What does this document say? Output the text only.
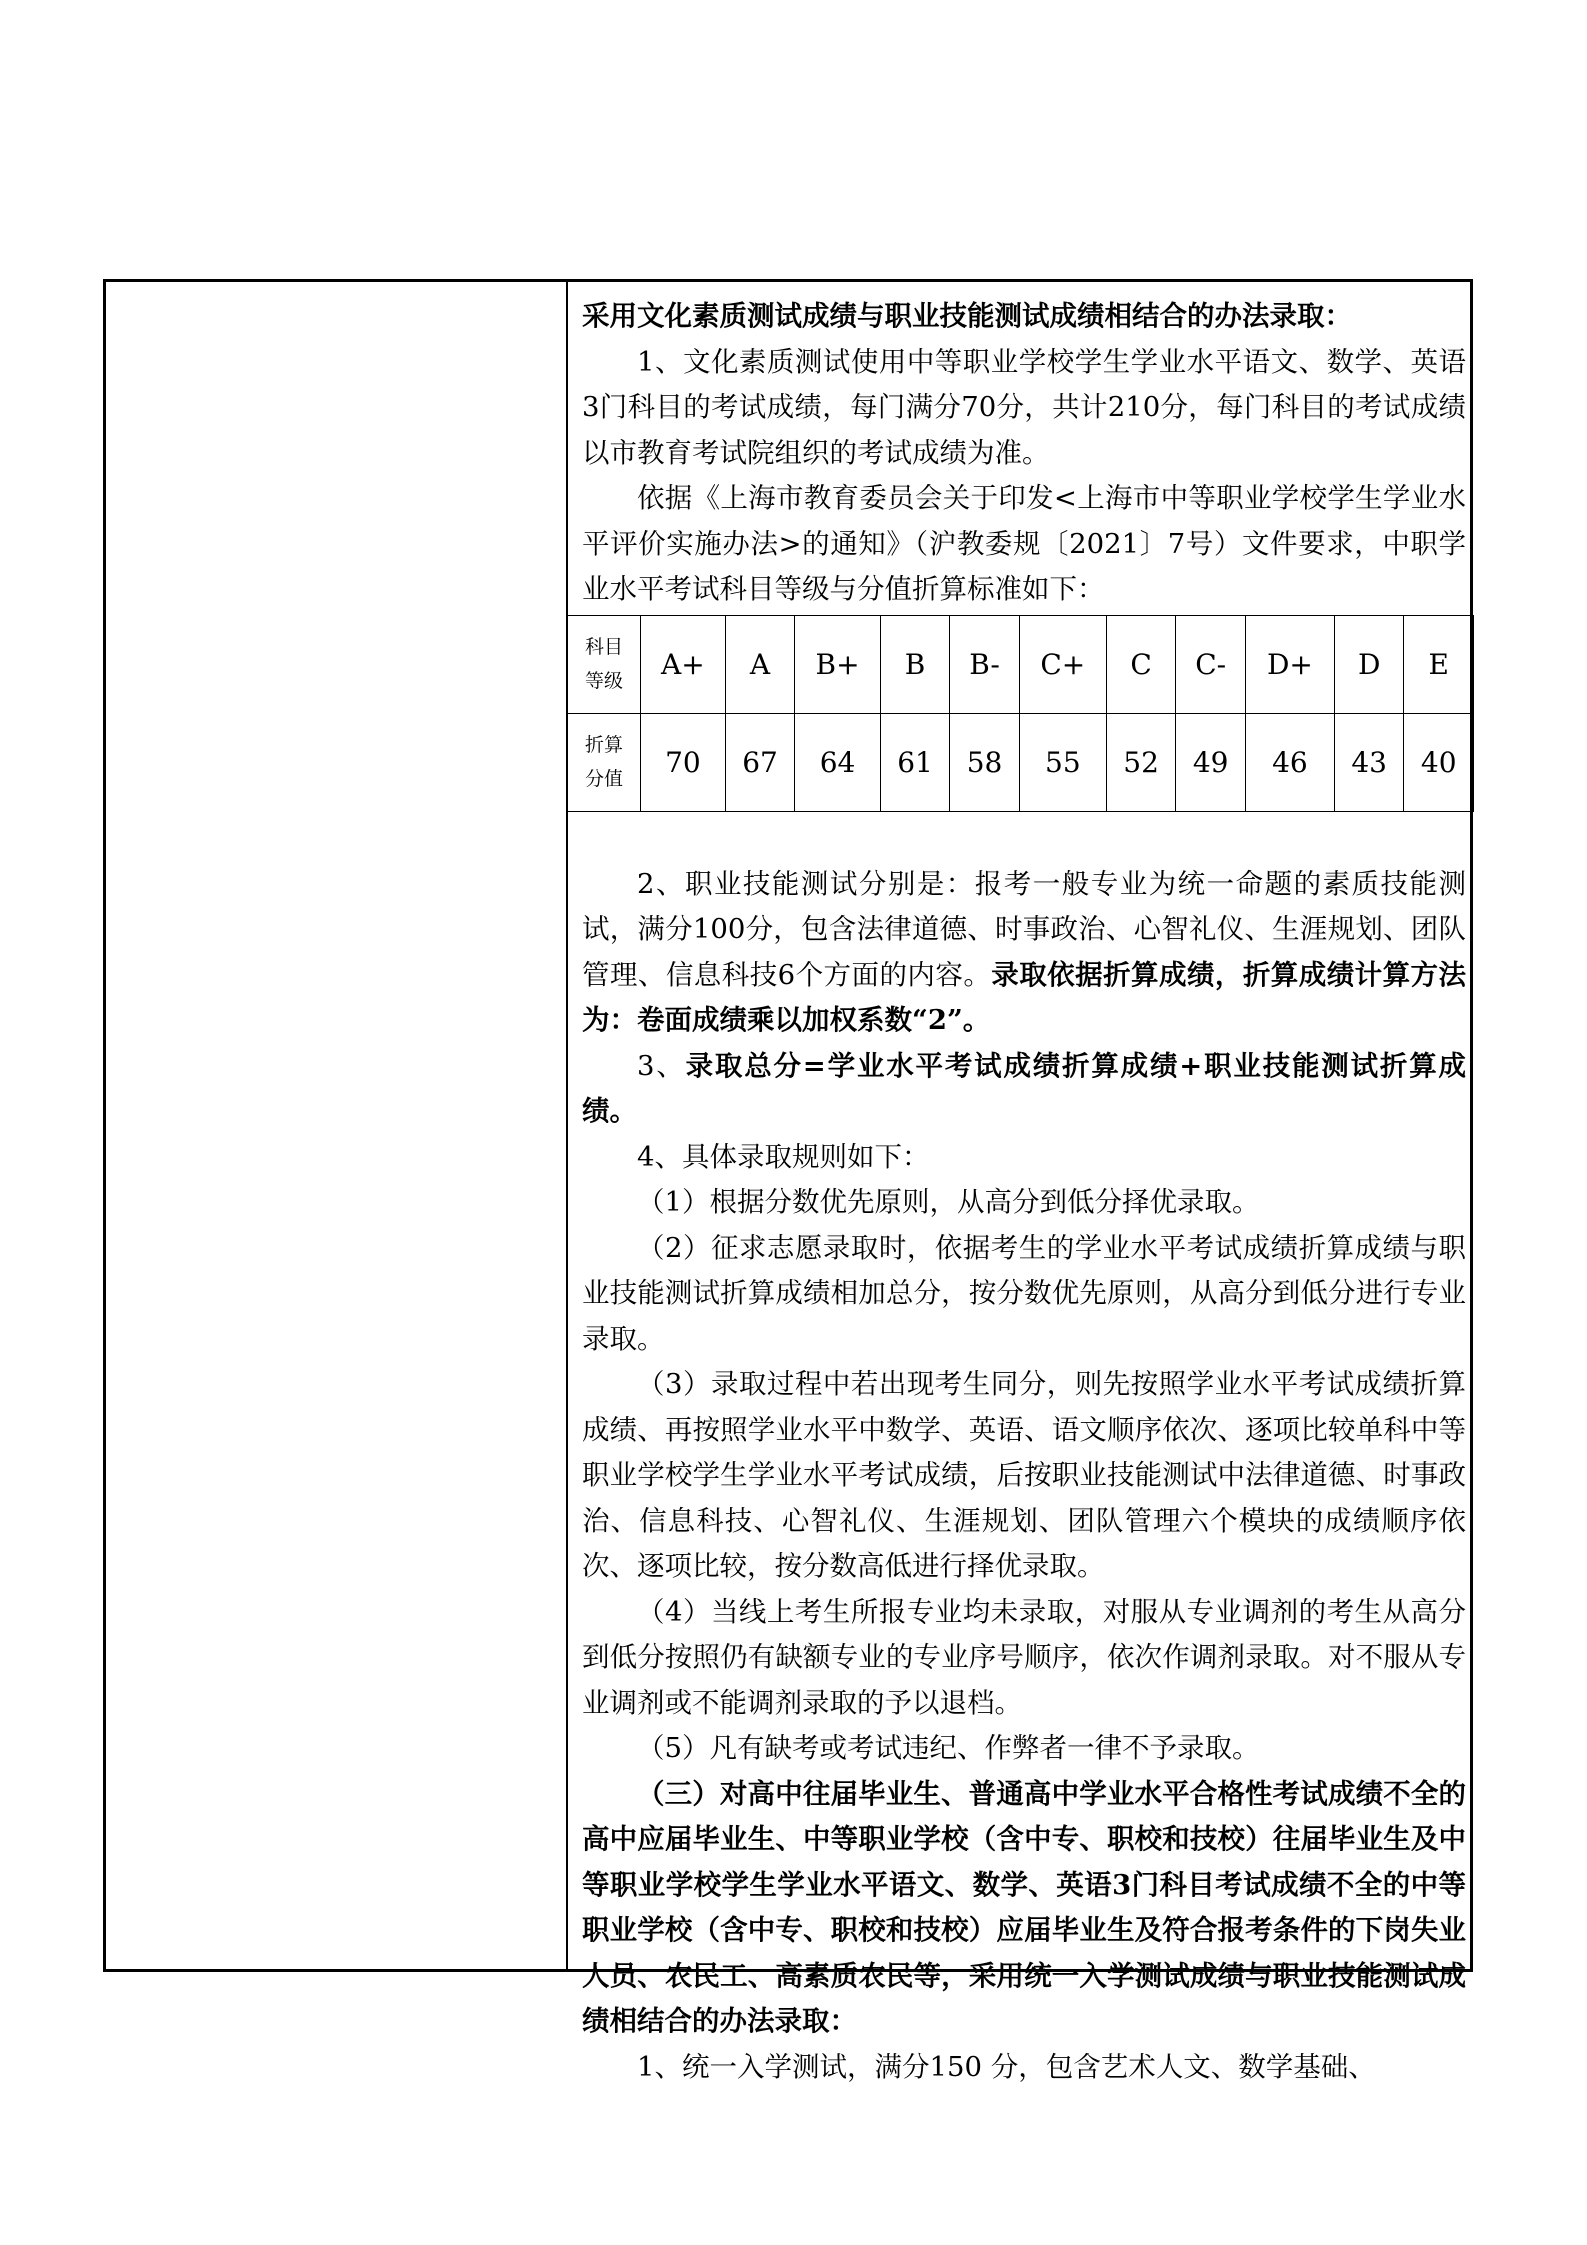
采用文化素质测试成绩与职业技能测试成绩相结合的办法录取：

1、文化素质测试使用中等职业学校学生学业水平语文、数学、英语3门科目的考试成绩，每门满分70分，共计210分，每门科目的考试成绩以市教育考试院组织的考试成绩为准。

依据《上海市教育委员会关于印发<上海市中等职业学校学生学业水平评价实施办法>的通知》（沪教委规〔2021〕7号）文件要求，中职学业水平考试科目等级与分值折算标准如下：

科目
等级	A+	A	B+	B	B-	C+	C	C-	D+	D	E
折算
分值	70	67	64	61	58	55	52	49	46	43	40

2、职业技能测试分别是：报考一般专业为统一命题的素质技能测试，满分100分，包含法律道德、时事政治、心智礼仪、生涯规划、团队管理、信息科技6个方面的内容。录取依据折算成绩，折算成绩计算方法为：卷面成绩乘以加权系数“2”。

3、录取总分=学业水平考试成绩折算成绩+职业技能测试折算成绩。

4、具体录取规则如下：

（1）根据分数优先原则，从高分到低分择优录取。

（2）征求志愿录取时，依据考生的学业水平考试成绩折算成绩与职业技能测试折算成绩相加总分，按分数优先原则，从高分到低分进行专业录取。

（3）录取过程中若出现考生同分，则先按照学业水平考试成绩折算成绩、再按照学业水平中数学、英语、语文顺序依次、逐项比较单科中等职业学校学生学业水平考试成绩，后按职业技能测试中法律道德、时事政治、信息科技、心智礼仪、生涯规划、团队管理六个模块的成绩顺序依次、逐项比较，按分数高低进行择优录取。

（4）当线上考生所报专业均未录取，对服从专业调剂的考生从高分到低分按照仍有缺额专业的专业序号顺序，依次作调剂录取。对不服从专业调剂或不能调剂录取的予以退档。

（5）凡有缺考或考试违纪、作弊者一律不予录取。

（三）对高中往届毕业生、普通高中学业水平合格性考试成绩不全的高中应届毕业生、中等职业学校（含中专、职校和技校）往届毕业生及中等职业学校学生学业水平语文、数学、英语3门科目考试成绩不全的中等职业学校（含中专、职校和技校）应届毕业生及符合报考条件的下岗失业人员、农民工、高素质农民等，采用统一入学测试成绩与职业技能测试成绩相结合的办法录取：

1、统一入学测试，满分150 分，包含艺术人文、数学基础、
